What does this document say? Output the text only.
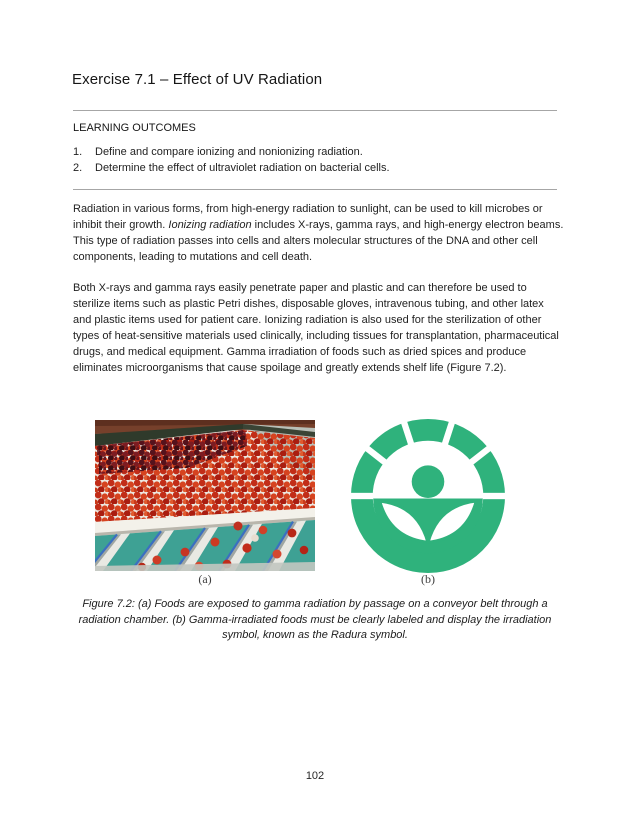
Exercise 7.1 – Effect of UV Radiation
LEARNING OUTCOMES
1.	Define and compare ionizing and nonionizing radiation.
2.	Determine the effect of ultraviolet radiation on bacterial cells.

Radiation in various forms, from high-energy radiation to sunlight, can be used to kill microbes or inhibit their growth. Ionizing radiation includes X-rays, gamma rays, and high-energy electron beams. This type of radiation passes into cells and alters molecular structures of the DNA and other cell components, leading to mutations and cell death.

Both X-rays and gamma rays easily penetrate paper and plastic and can therefore be used to sterilize items such as plastic Petri dishes, disposable gloves, intravenous tubing, and other latex and plastic items used for patient care. Ionizing radiation is also used for the sterilization of other types of heat-sensitive materials used clinically, including tissues for transplantation, pharmaceutical drugs, and medical equipment. Gamma irradiation of foods such as dried spices and produce eliminates microorganisms that cause spoilage and greatly extends shelf life (Figure 7.2).

(a)	(b)
Figure 7.2: (a) Foods are exposed to gamma radiation by passage on a conveyor belt through a radiation chamber. (b) Gamma-irradiated foods must be clearly labeled and display the irradiation symbol, known as the Radura symbol.
102
